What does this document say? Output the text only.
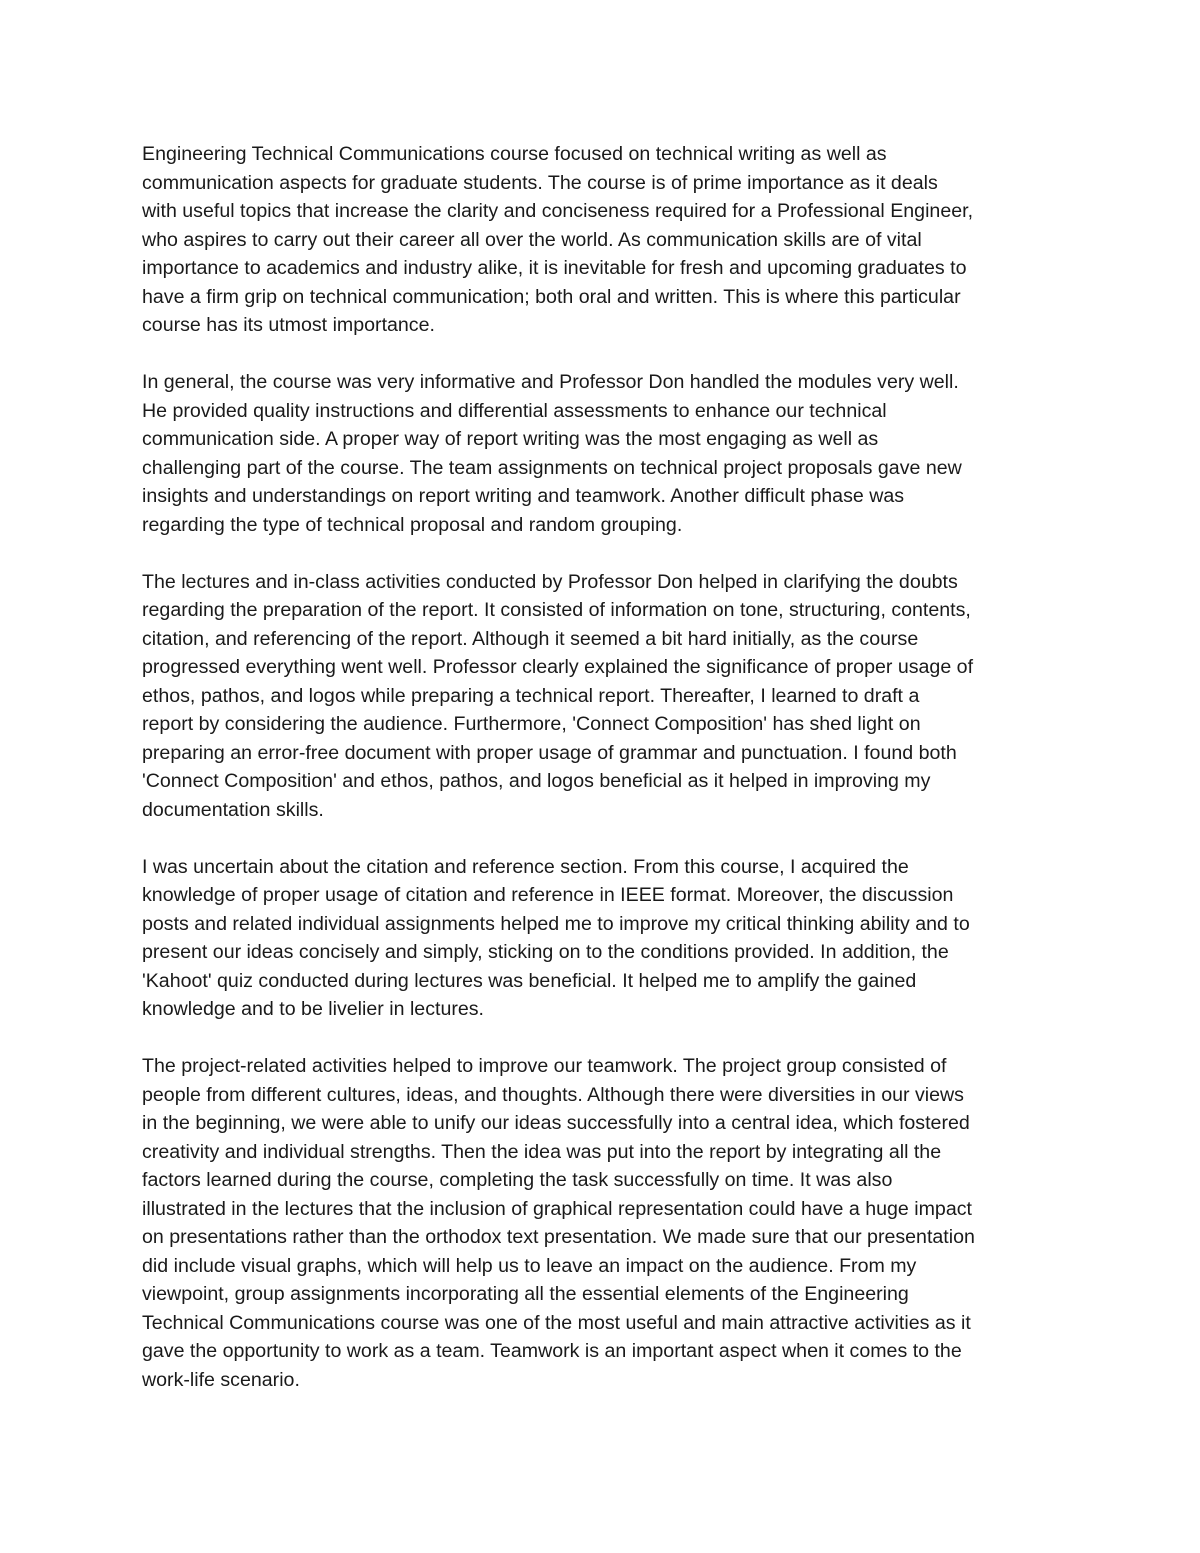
Engineering Technical Communications course focused on technical writing as well as
communication aspects for graduate students. The course is of prime importance as it deals
with useful topics that increase the clarity and conciseness required for a Professional Engineer,
who aspires to carry out their career all over the world. As communication skills are of vital
importance to academics and industry alike, it is inevitable for fresh and upcoming graduates to
have a firm grip on technical communication; both oral and written. This is where this particular
course has its utmost importance.

In general, the course was very informative and Professor Don handled the modules very well.
He provided quality instructions and differential assessments to enhance our technical
communication side. A proper way of report writing was the most engaging as well as
challenging part of the course. The team assignments on technical project proposals gave new
insights and understandings on report writing and teamwork. Another difficult phase was
regarding the type of technical proposal and random grouping.

The lectures and in-class activities conducted by Professor Don helped in clarifying the doubts
regarding the preparation of the report. It consisted of information on tone, structuring, contents,
citation, and referencing of the report. Although it seemed a bit hard initially, as the course
progressed everything went well. Professor clearly explained the significance of proper usage of
ethos, pathos, and logos while preparing a technical report. Thereafter, I learned to draft a
report by considering the audience. Furthermore, 'Connect Composition' has shed light on
preparing an error-free document with proper usage of grammar and punctuation. I found both
'Connect Composition' and ethos, pathos, and logos beneficial as it helped in improving my
documentation skills.

I was uncertain about the citation and reference section. From this course, I acquired the
knowledge of proper usage of citation and reference in IEEE format. Moreover, the discussion
posts and related individual assignments helped me to improve my critical thinking ability and to
present our ideas concisely and simply, sticking on to the conditions provided. In addition, the
'Kahoot' quiz conducted during lectures was beneficial. It helped me to amplify the gained
knowledge and to be livelier in lectures.

The project-related activities helped to improve our teamwork. The project group consisted of
people from different cultures, ideas, and thoughts. Although there were diversities in our views
in the beginning, we were able to unify our ideas successfully into a central idea, which fostered
creativity and individual strengths. Then the idea was put into the report by integrating all the
factors learned during the course, completing the task successfully on time. It was also
illustrated in the lectures that the inclusion of graphical representation could have a huge impact
on presentations rather than the orthodox text presentation. We made sure that our presentation
did include visual graphs, which will help us to leave an impact on the audience. From my
viewpoint, group assignments incorporating all the essential elements of the Engineering
Technical Communications course was one of the most useful and main attractive activities as it
gave the opportunity to work as a team. Teamwork is an important aspect when it comes to the
work-life scenario.
